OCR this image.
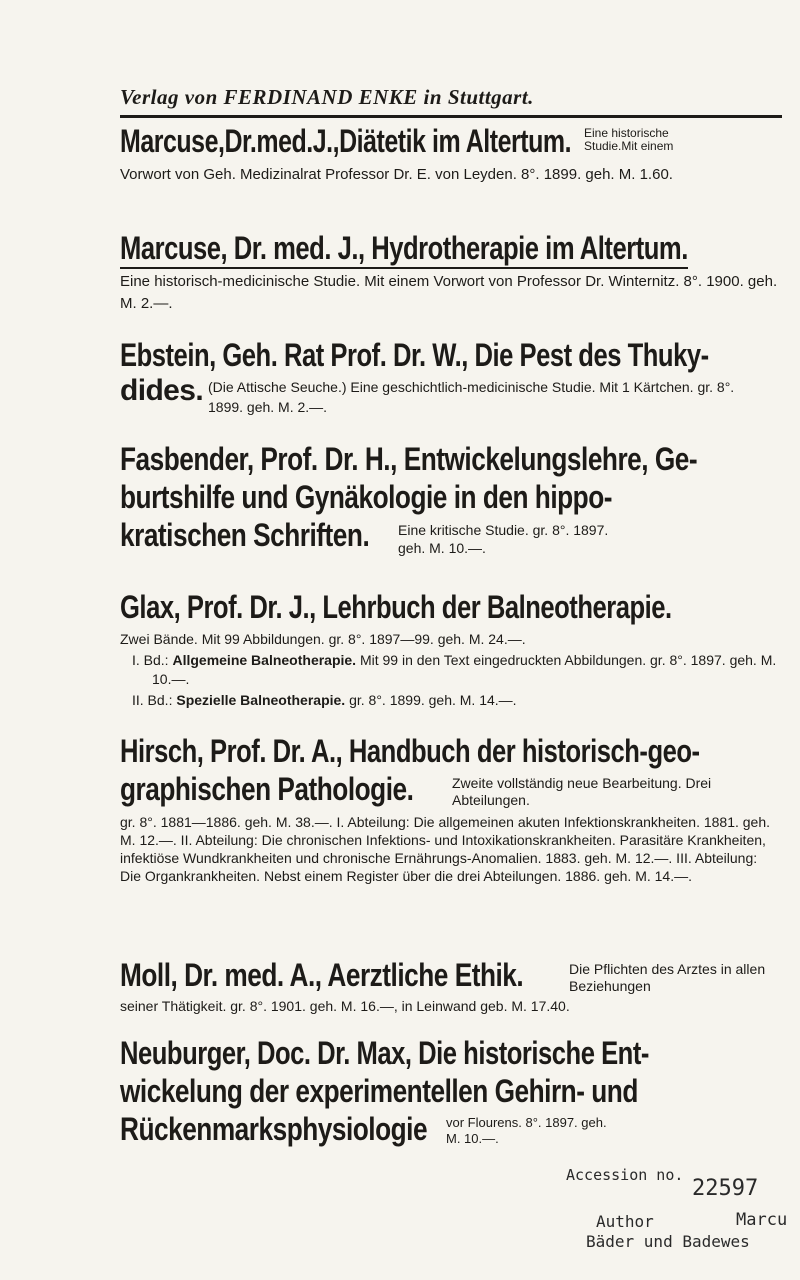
Verlag von FERDINAND ENKE in Stuttgart.
Marcuse,Dr.med.J.,Diätetik im Altertum. Eine historische Studie.Mit einem
Vorwort von Geh. Medizinalrat Professor Dr. E. von Leyden. 8°. 1899. geh. M. 1.60.
Marcuse, Dr. med. J., Hydrotherapie im Altertum.
Eine historisch-medicinische Studie. Mit einem Vorwort von Professor Dr. Winternitz. 8°. 1900. geh. M. 2.—.
Ebstein, Geh. Rat Prof. Dr. W., Die Pest des Thuky-
dides. (Die Attische Seuche.) Eine geschichtlich-medicinische Studie. Mit 1 Kärtchen. gr. 8°. 1899. geh. M. 2.—.
Fasbender, Prof. Dr. H., Entwickelungslehre, Ge-
burtshilfe und Gynäkologie in den hippo-
kratischen Schriften. Eine kritische Studie. gr. 8°. 1897. geh. M. 10.—.
Glax, Prof. Dr. J., Lehrbuch der Balneotherapie.
Zwei Bände. Mit 99 Abbildungen. gr. 8°. 1897—99. geh. M. 24.—.
I. Bd.: Allgemeine Balneotherapie. Mit 99 in den Text eingedruckten Abbildungen. gr. 8°. 1897. geh. M. 10.—.
II. Bd.: Spezielle Balneotherapie. gr. 8°. 1899. geh. M. 14.—.
Hirsch, Prof. Dr. A., Handbuch der historisch-geo-
graphischen Pathologie.	Zweite vollständig neue Bearbeitung. Drei Abteilungen.
gr. 8°. 1881—1886. geh. M. 38.—. I. Abteilung: Die allgemeinen akuten Infektionskrankheiten. 1881. geh. M. 12.—. II. Abteilung: Die chronischen Infektions- und Intoxikationskrankheiten. Parasitäre Krankheiten, infektiöse Wundkrankheiten und chronische Ernährungs-Anomalien. 1883. geh. M. 12.—. III. Abteilung: Die Organkrankheiten. Nebst einem Register über die drei Abteilungen. 1886. geh. M. 14.—.
Moll, Dr. med. A., Aerztliche Ethik.	Die Pflichten des Arztes in allen Beziehungen
seiner Thätigkeit. gr. 8°. 1901. geh. M. 16.—, in Leinwand geb. M. 17.40.
Neuburger, Doc. Dr. Max, Die historische Ent-
wickelung der experimentellen Gehirn- und
Rückenmarksphysiologie vor Flourens. 8°. 1897. geh. M. 10.—.
Accession no.
22597
Author	Marcu
Bäder und Badewes
